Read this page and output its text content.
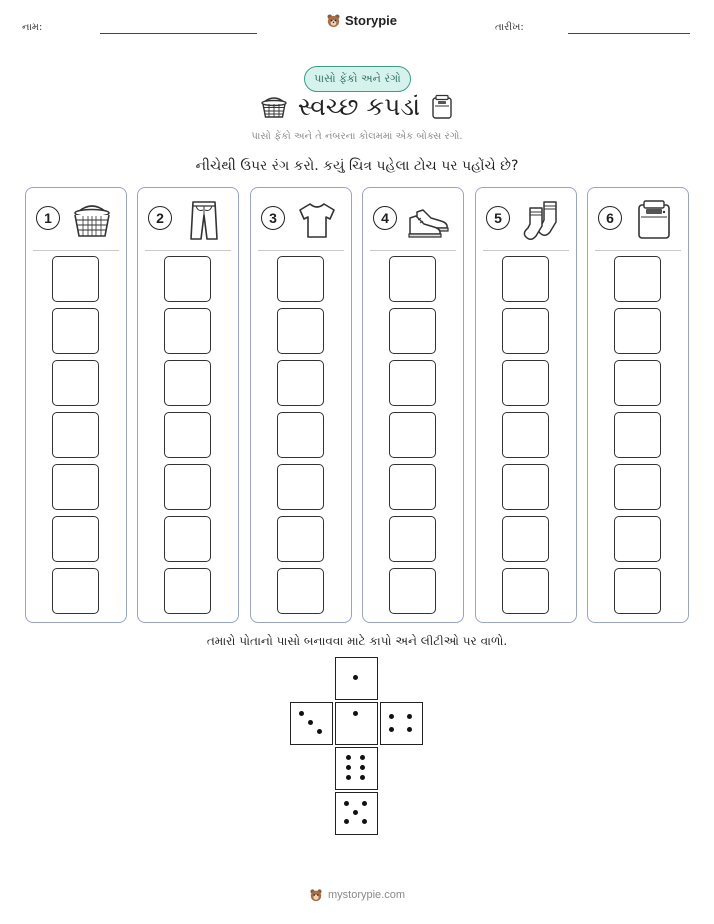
નામ:	Storypie	તારીખ:
પાસો ફેંકો અને રંગો
સ્વચ્છ કપડાં
પાસો ફેંકો અને તે નંબરના કોલમમાં એક બોક્સ રંગો.
નીચેથી ઉપર રંગ કરો. કયું ચિત્ર પહેલા ટોચ પર પહોંચે છે?
1	2	3	4	5	6
તમારો પોતાનો પાસો બનાવવા માટે કાપો અને લીટીઓ પર વાળો.
mystorypie.com
